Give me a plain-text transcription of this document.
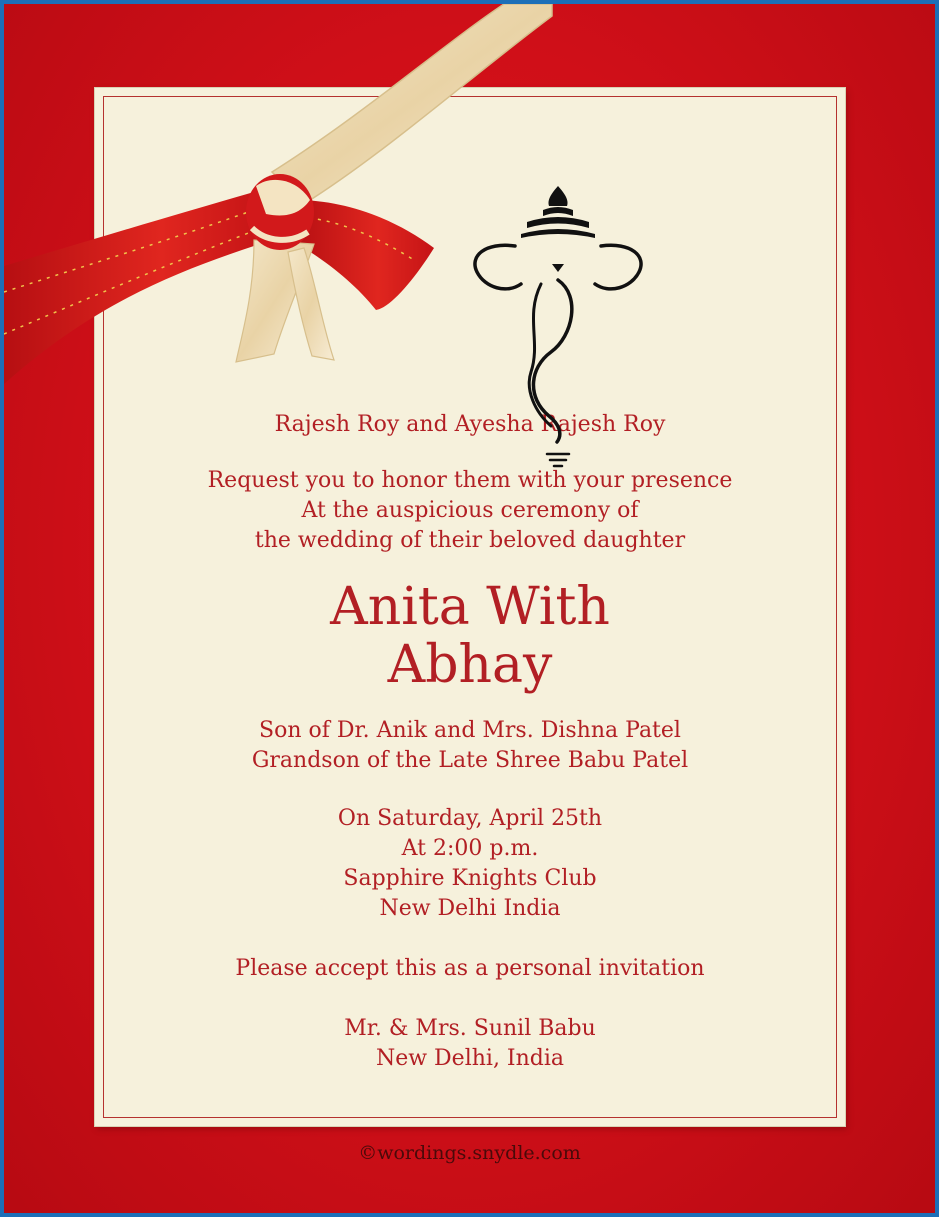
Rajesh Roy and Ayesha Rajesh Roy
Request you to honor them with your presence
At the auspicious ceremony of
the wedding of their beloved daughter
Anita With
Abhay
Son of Dr. Anik and Mrs. Dishna Patel
Grandson of the Late Shree Babu Patel
On Saturday, April 25th
At 2:00 p.m.
Sapphire Knights Club
New Delhi India
Please accept this as a personal invitation
Mr. & Mrs. Sunil Babu
New Delhi, India
©wordings.snydle.com
